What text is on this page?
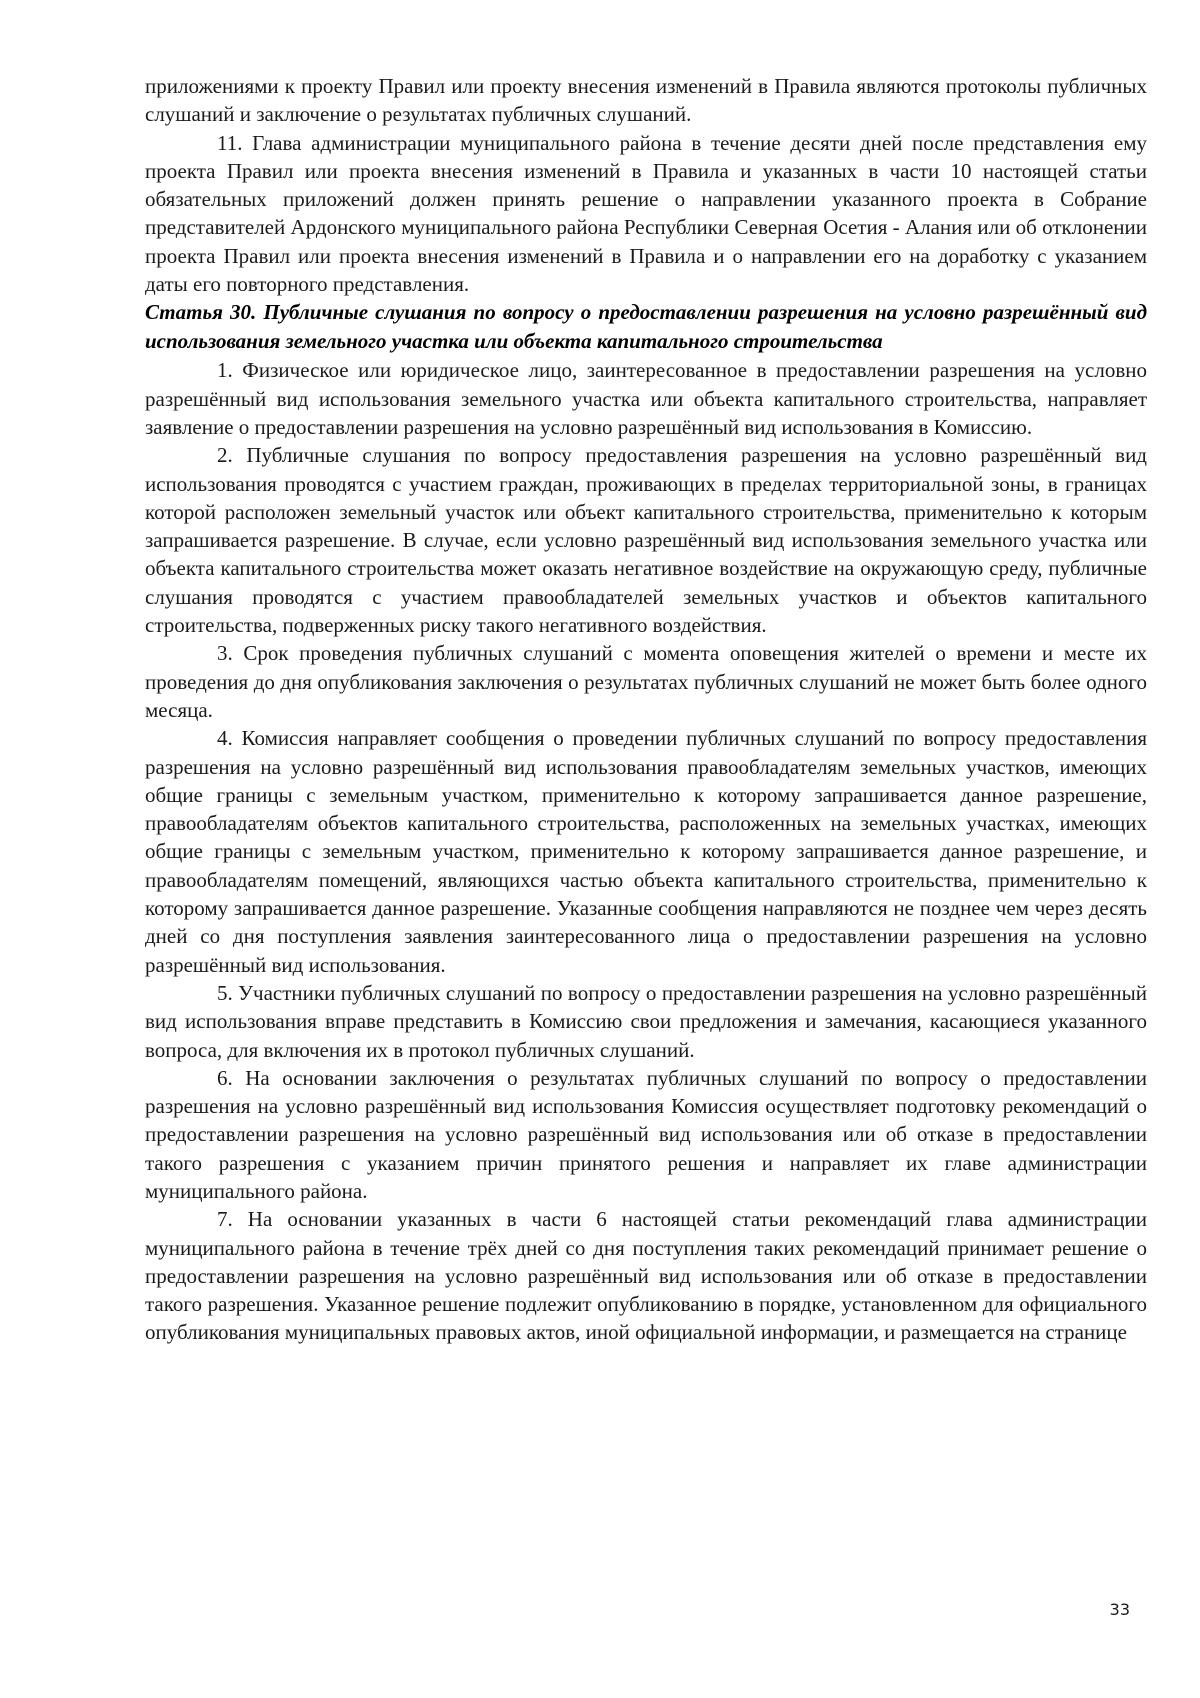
приложениями к проекту Правил или проекту внесения изменений в Правила являются протоколы публичных слушаний и заключение о результатах публичных слушаний.

11. Глава администрации муниципального района в течение десяти дней после представления ему проекта Правил или проекта внесения изменений в Правила и указанных в части 10 настоящей статьи обязательных приложений должен принять решение о направлении указанного проекта в Собрание представителей Ардонского муниципального района Республики Северная Осетия - Алания или об отклонении проекта Правил или проекта внесения изменений в Правила и о направлении его на доработку с указанием даты его повторного представления.

Статья 30. Публичные слушания по вопросу о предоставлении разрешения на условно разрешённый вид использования земельного участка или объекта капитального строительства

1. Физическое или юридическое лицо, заинтересованное в предоставлении разрешения на условно разрешённый вид использования земельного участка или объекта капитального строительства, направляет заявление о предоставлении разрешения на условно разрешённый вид использования в Комиссию.

2. Публичные слушания по вопросу предоставления разрешения на условно разрешённый вид использования проводятся с участием граждан, проживающих в пределах территориальной зоны, в границах которой расположен земельный участок или объект капитального строительства, применительно к которым запрашивается разрешение. В случае, если условно разрешённый вид использования земельного участка или объекта капитального строительства может оказать негативное воздействие на окружающую среду, публичные слушания проводятся с участием правообладателей земельных участков и объектов капитального строительства, подверженных риску такого негативного воздействия.

3. Срок проведения публичных слушаний с момента оповещения жителей о времени и месте их проведения до дня опубликования заключения о результатах публичных слушаний не может быть более одного месяца.

4. Комиссия направляет сообщения о проведении публичных слушаний по вопросу предоставления разрешения на условно разрешённый вид использования правообладателям земельных участков, имеющих общие границы с земельным участком, применительно к которому запрашивается данное разрешение, правообладателям объектов капитального строительства, расположенных на земельных участках, имеющих общие границы с земельным участком, применительно к которому запрашивается данное разрешение, и правообладателям помещений, являющихся частью объекта капитального строительства, применительно к которому запрашивается данное разрешение. Указанные сообщения направляются не позднее чем через десять дней со дня поступления заявления заинтересованного лица о предоставлении разрешения на условно разрешённый вид использования.

5. Участники публичных слушаний по вопросу о предоставлении разрешения на условно разрешённый вид использования вправе представить в Комиссию свои предложения и замечания, касающиеся указанного вопроса, для включения их в протокол публичных слушаний.

6. На основании заключения о результатах публичных слушаний по вопросу о предоставлении разрешения на условно разрешённый вид использования Комиссия осуществляет подготовку рекомендаций о предоставлении разрешения на условно разрешённый вид использования или об отказе в предоставлении такого разрешения с указанием причин принятого решения и направляет их главе администрации муниципального района.

7. На основании указанных в части 6 настоящей статьи рекомендаций глава администрации муниципального района в течение трёх дней со дня поступления таких рекомендаций принимает решение о предоставлении разрешения на условно разрешённый вид использования или об отказе в предоставлении такого разрешения. Указанное решение подлежит опубликованию в порядке, установленном для официального опубликования муниципальных правовых актов, иной официальной информации, и размещается на странице

33
